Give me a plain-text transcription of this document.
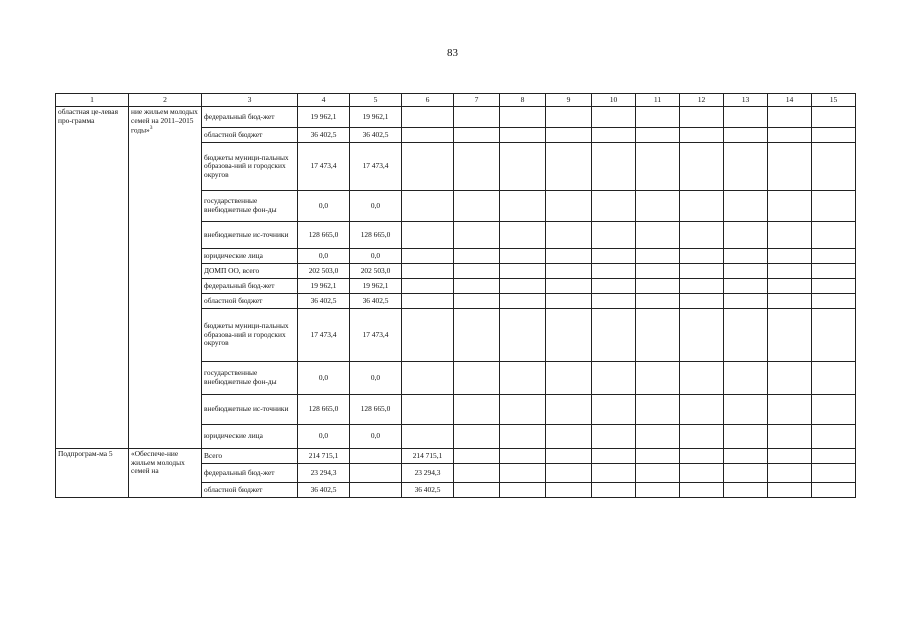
83
1	2	3	4	5	6	7	8	9	10	11	12	13	14	15
областная це-левая про-грамма	ние жильем молодых семей на 2011–2015 годы»$^3$	федеральный бюд-жет	19 962,1	19 962,1										
		областной бюджет	36 402,5	36 402,5										
		бюджеты муници-пальных образова-ний и городских округов	17 473,4	17 473,4										
		государственные внебюджетные фон-ды	0,0	0,0										
		внебюджетные ис-точники	128 665,0	128 665,0										
		юридические лица	0,0	0,0										
		ДОМП ОО, всего	202 503,0	202 503,0										
		федеральный бюд-жет	19 962,1	19 962,1										
		областной бюджет	36 402,5	36 402,5										
		бюджеты муници-пальных образова-ний и городских округов	17 473,4	17 473,4										
		государственные внебюджетные фон-ды	0,0	0,0										
		внебюджетные ис-точники	128 665,0	128 665,0										
		юридические лица	0,0	0,0										
Подпрограм-ма 5	«Обеспече-ние жильем молодых семей на	Всего	214 715,1		214 715,1									
		федеральный бюд-жет	23 294,3		23 294,3									
		областной бюджет	36 402,5		36 402,5									
